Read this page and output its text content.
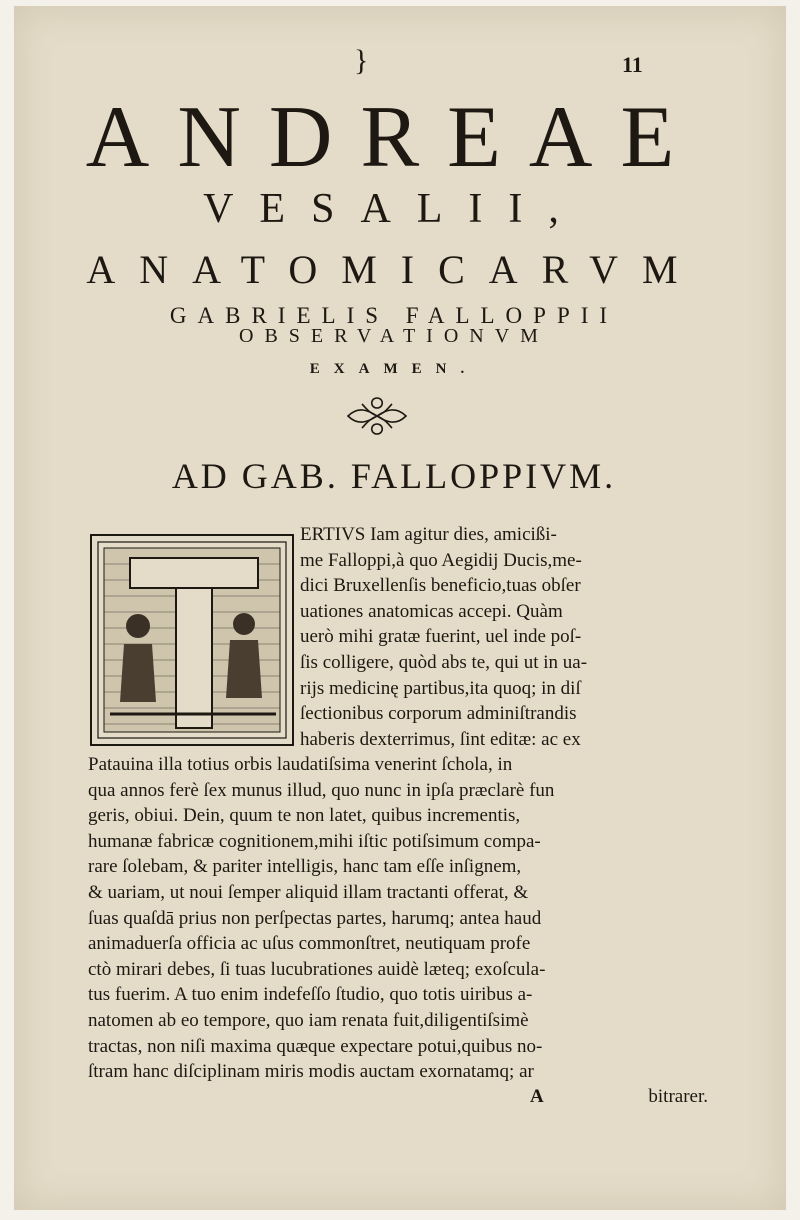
}	11
ANDREAE
VESALII,
ANATOMICARVM
GABRIELIS FALLOPPII
OBSERVATIONVM
EXAMEN.
AD GAB. FALLOPPIVM.
ERTIVS Iam agitur dies, amicißi-
me Falloppi,à quo Aegidij Ducis,me-
dici Bruxellenſis beneficio,tuas obſer
uationes anatomicas accepi. Quàm
uerò mihi gratæ fuerint, uel inde poſ-
ſis colligere, quòd abs te, qui ut in ua-
rijs medicinę partibus,ita quoq; in diſ
ſectionibus corporum adminiſtrandis
haberis dexterrimus, ſint editæ: ac ex
Patauina illa totius orbis laudatiſsima venerint ſchola, in
qua annos ferè ſex munus illud, quo nunc in ipſa præclarè fun
geris, obiui. Dein, quum te non latet, quibus incrementis,
humanæ fabricæ cognitionem,mihi iſtic potiſsimum compa-
rare ſolebam, & pariter intelligis, hanc tam eſſe inſignem,
& uariam, ut noui ſemper aliquid illam tractanti offerat, &
ſuas quaſdā prius non perſpectas partes, harumq; antea haud
animaduerſa officia ac uſus commonſtret, neutiquam profe
ctò mirari debes, ſi tuas lucubrationes auidè læteq; exoſcula-
tus fuerim. A tuo enim indefeſſo ſtudio, quo totis uiribus a-
natomen ab eo tempore, quo iam renata fuit,diligentiſsimè
tractas, non niſi maxima quæque expectare potui,quibus no-
ſtram hanc diſciplinam miris modis auctam exornatamq; ar
A	bitrarer.
